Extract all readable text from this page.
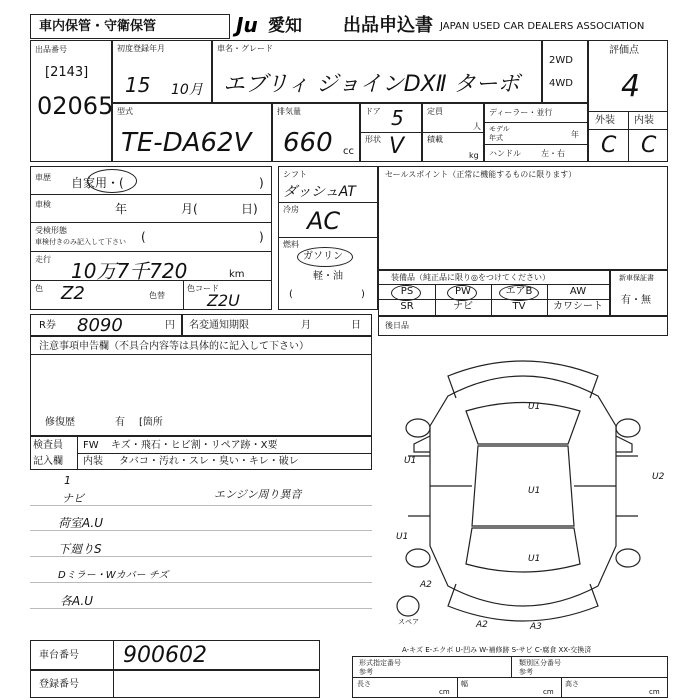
車内保管・守衛保管	Ju 愛知 出品申込書 JAPAN USED CAR DEALERS ASSOCIATION
出品番号
[2143]
02065
初度登録年月
15 10月
車名・グレード
エブリィ ジョインDXⅡ ターボ
2WD
4WD
評価点
4
外装 内装
C C
型式
TE-DA62V
排気量
660 cc
ドア 5
形状 V
定員
人
積載
kg
ディーラー・並行
モデル
年式	年
ハンドル	左・右
車歴 自家用・(	)
車検	年	月(	日)
受検形態
車検付きのみ記入して下さい (	)
走行 10万7千720	km
色 Z2	色替
色コード
Z2U
シフト
ダッシュAT
冷房 AC
燃料
ガソリン
軽・油
(	)
セールスポイント（正常に機能するものに限ります）
装備品（純正品に限り◎をつけてください）
PS	PW	エアB	AW
SR	ナビ	TV	カワシート
新車保証書
有・無
R券 8090	円 名変通知期限	月	日	後日品
注意事項申告欄（不具合内容等は具体的に記入して下さい）
修復歴	有 [箇所
検査員
記入欄
FW キズ・飛石・ヒビ割・リペア跡・X要
内装 タバコ・汚れ・スレ・臭い・キレ・破レ
1
ナビ	エンジン周り異音
荷室A.U
下廻りS
Dミラー・Wカバー チズ
各A.U
U1
U1
U1
U1
U2
U1
A2
A2	A3
スペア
A-キズ E-エクボ U-凹み W-補修跡 S-サビ C-腐食 XX-交換済
車台番号 900602
登録番号
形式指定番号
参考
類別区分番号
参考
長さ
cm
幅
cm
高さ
cm
